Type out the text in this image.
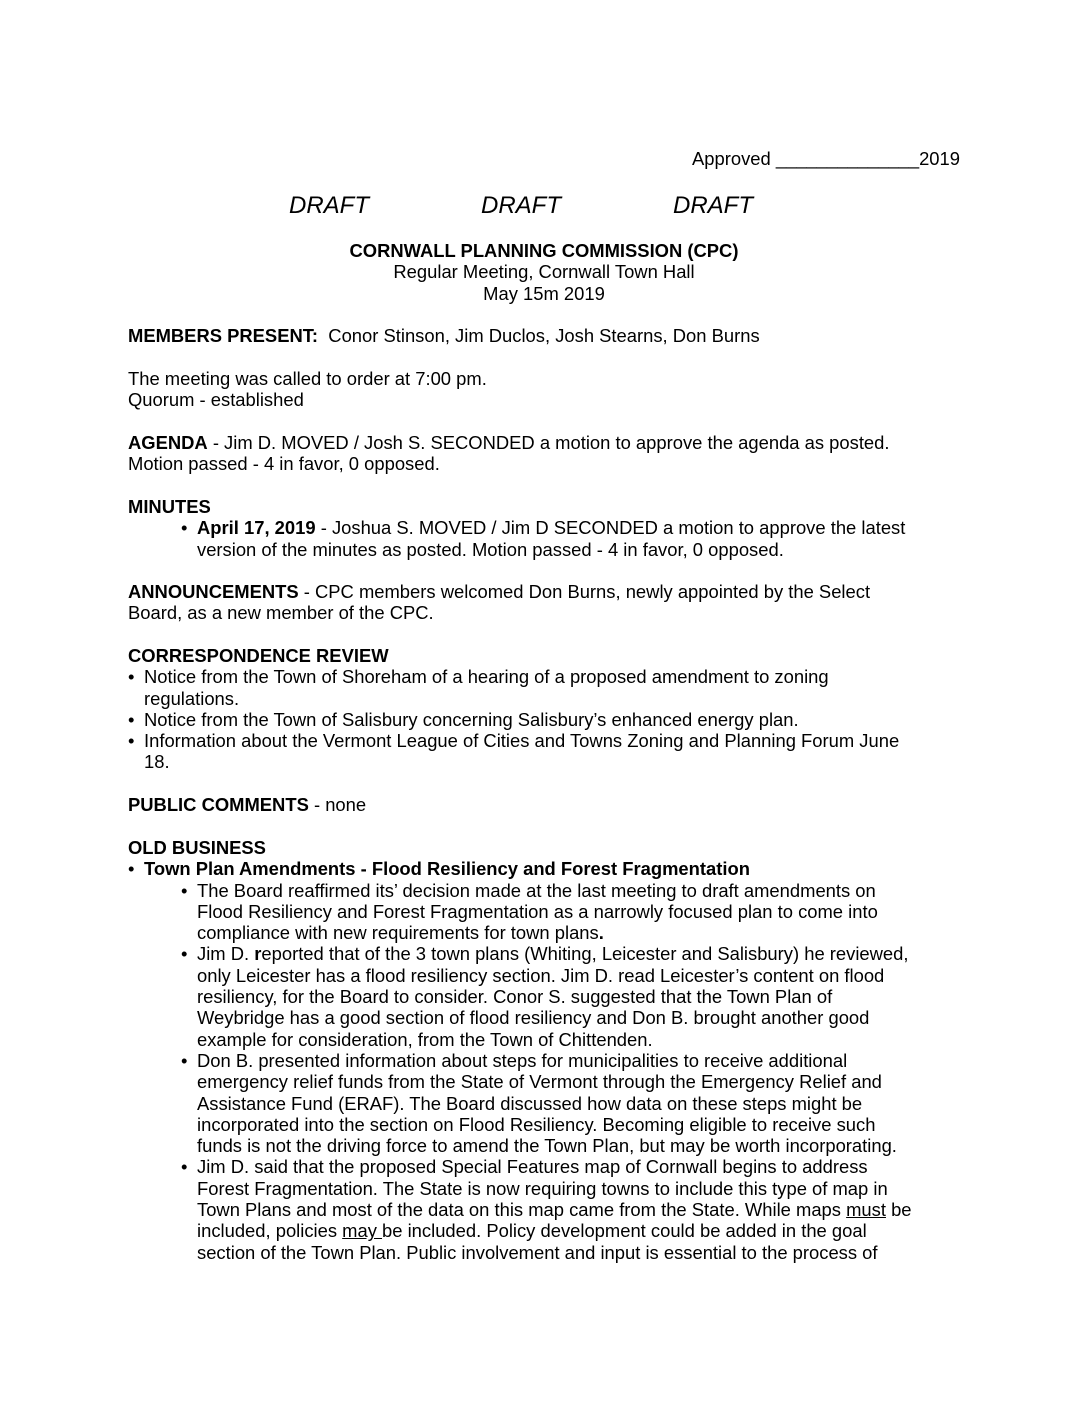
Approved ______________2019
DRAFT	DRAFT	DRAFT
CORNWALL PLANNING COMMISSION (CPC)
Regular Meeting, Cornwall Town Hall
May 15m 2019
MEMBERS PRESENT: Conor Stinson, Jim Duclos, Josh Stearns, Don Burns
The meeting was called to order at 7:00 pm.
Quorum - established
AGENDA - Jim D. MOVED / Josh S. SECONDED a motion to approve the agenda as posted.
Motion passed - 4 in favor, 0 opposed.
MINUTES
• April 17, 2019 - Joshua S. MOVED / Jim D SECONDED a motion to approve the latest
version of the minutes as posted. Motion passed - 4 in favor, 0 opposed.
ANNOUNCEMENTS - CPC members welcomed Don Burns, newly appointed by the Select
Board, as a new member of the CPC.
CORRESPONDENCE REVIEW
• Notice from the Town of Shoreham of a hearing of a proposed amendment to zoning
regulations.
• Notice from the Town of Salisbury concerning Salisbury’s enhanced energy plan.
• Information about the Vermont League of Cities and Towns Zoning and Planning Forum June
18.
PUBLIC COMMENTS - none
OLD BUSINESS
• Town Plan Amendments - Flood Resiliency and Forest Fragmentation
• The Board reaffirmed its’ decision made at the last meeting to draft amendments on
Flood Resiliency and Forest Fragmentation as a narrowly focused plan to come into
compliance with new requirements for town plans.
• Jim D. reported that of the 3 town plans (Whiting, Leicester and Salisbury) he reviewed,
only Leicester has a flood resiliency section. Jim D. read Leicester’s content on flood
resiliency, for the Board to consider. Conor S. suggested that the Town Plan of
Weybridge has a good section of flood resiliency and Don B. brought another good
example for consideration, from the Town of Chittenden.
• Don B. presented information about steps for municipalities to receive additional
emergency relief funds from the State of Vermont through the Emergency Relief and
Assistance Fund (ERAF). The Board discussed how data on these steps might be
incorporated into the section on Flood Resiliency. Becoming eligible to receive such
funds is not the driving force to amend the Town Plan, but may be worth incorporating.
• Jim D. said that the proposed Special Features map of Cornwall begins to address
Forest Fragmentation. The State is now requiring towns to include this type of map in
Town Plans and most of the data on this map came from the State. While maps must be
included, policies may be included. Policy development could be added in the goal
section of the Town Plan. Public involvement and input is essential to the process of
